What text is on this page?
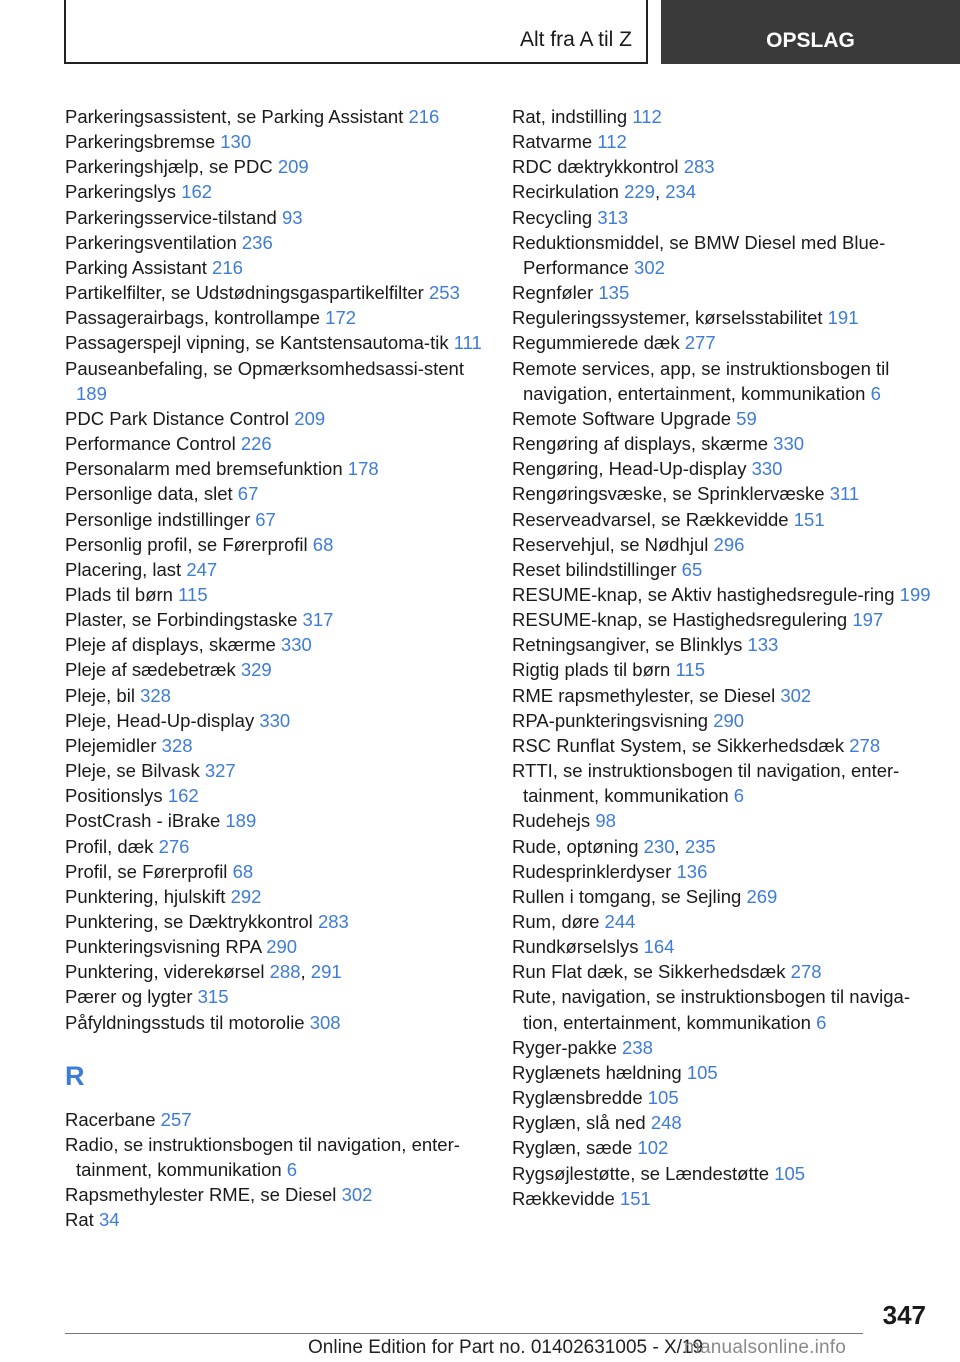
Alt fra A til Z	OPSLAG
Parkeringsassistent, se Parking Assistant 216
Parkeringsbremse 130
Parkeringshjælp, se PDC 209
Parkeringslys 162
Parkeringsservice-tilstand 93
Parkeringsventilation 236
Parking Assistant 216
Partikelfilter, se Udstødningsgaspartikelfilter 253
Passagerairbags, kontrollampe 172
Passagerspejl vipning, se Kantstensautoma‐tik 111
Pauseanbefaling, se Opmærksomhedsassi‐stent 189
PDC Park Distance Control 209
Performance Control 226
Personalarm med bremsefunktion 178
Personlige data, slet 67
Personlige indstillinger 67
Personlig profil, se Førerprofil 68
Placering, last 247
Plads til børn 115
Plaster, se Forbindingstaske 317
Pleje af displays, skærme 330
Pleje af sædebetræk 329
Pleje, bil 328
Pleje, Head-Up-display 330
Plejemidler 328
Pleje, se Bilvask 327
Positionslys 162
PostCrash - iBrake 189
Profil, dæk 276
Profil, se Førerprofil 68
Punktering, hjulskift 292
Punktering, se Dæktrykkontrol 283
Punkteringsvisning RPA 290
Punktering, viderekørsel 288, 291
Pærer og lygter 315
Påfyldningsstuds til motorolie 308
R
Racerbane 257
Radio, se instruktionsbogen til navigation, enter‐tainment, kommunikation 6
Rapsmethylester RME, se Diesel 302
Rat 34
Rat, indstilling 112
Ratvarme 112
RDC dæktrykkontrol 283
Recirkulation 229, 234
Recycling 313
Reduktionsmiddel, se BMW Diesel med Blue‐Performance 302
Regnføler 135
Reguleringssystemer, kørselsstabilitet 191
Regummierede dæk 277
Remote services, app, se instruktionsbogen til navigation, entertainment, kommunikation 6
Remote Software Upgrade 59
Rengøring af displays, skærme 330
Rengøring, Head-Up-display 330
Rengøringsvæske, se Sprinklervæske 311
Reserveadvarsel, se Rækkevidde 151
Reservehjul, se Nødhjul 296
Reset bilindstillinger 65
RESUME-knap, se Aktiv hastighedsregule‐ring 199
RESUME-knap, se Hastighedsregulering 197
Retningsangiver, se Blinklys 133
Rigtig plads til børn 115
RME rapsmethylester, se Diesel 302
RPA-punkteringsvisning 290
RSC Runflat System, se Sikkerhedsdæk 278
RTTI, se instruktionsbogen til navigation, enter‐tainment, kommunikation 6
Rudehejs 98
Rude, optøning 230, 235
Rudesprinklerdyser 136
Rullen i tomgang, se Sejling 269
Rum, døre 244
Rundkørselslys 164
Run Flat dæk, se Sikkerhedsdæk 278
Rute, navigation, se instruktionsbogen til naviga‐tion, entertainment, kommunikation 6
Ryger-pakke 238
Ryglænets hældning 105
Ryglænsbredde 105
Ryglæn, slå ned 248
Ryglæn, sæde 102
Rygsøjlestøtte, se Lændestøtte 105
Rækkevidde 151
347
Online Edition for Part no. 01402631005 - X/19
manualsonline.info
